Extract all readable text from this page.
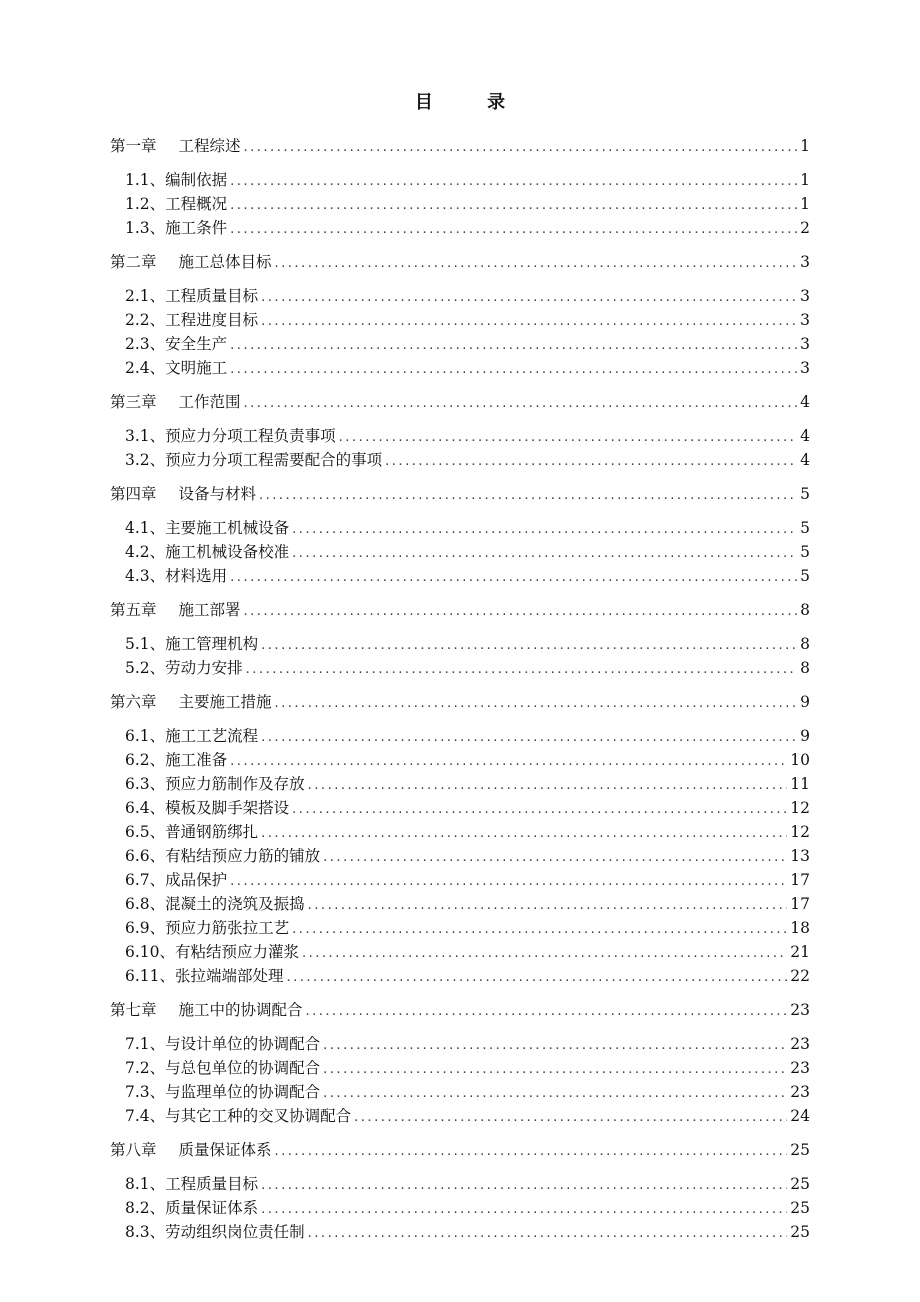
目 录
第一章 工程综述 .....	1
1.1、 编制依据 .....	1
1.2、 工程概况 .....	1
1.3、 施工条件 .....	2
第二章 施工总体目标 .....	3
2.1、 工程质量目标 .....	3
2.2、 工程进度目标 .....	3
2.3、 安全生产 .....	3
2.4、 文明施工 .....	3
第三章 工作范围 .....	4
3.1、 预应力分项工程负责事项 .....	4
3.2、 预应力分项工程需要配合的事项 .....	4
第四章 设备与材料 .....	5
4.1、 主要施工机械设备 .....	5
4.2、 施工机械设备校准 .....	5
4.3、 材料选用 .....	5
第五章 施工部署 .....	8
5.1、 施工管理机构 .....	8
5.2、 劳动力安排 .....	8
第六章 主要施工措施 .....	9
6.1、 施工工艺流程 .....	9
6.2、 施工准备 .....	10
6.3、 预应力筋制作及存放 .....	11
6.4、 模板及脚手架搭设 .....	12
6.5、 普通钢筋绑扎 .....	12
6.6、 有粘结预应力筋的铺放 .....	13
6.7、 成品保护 .....	17
6.8、 混凝土的浇筑及振捣 .....	17
6.9、 预应力筋张拉工艺 .....	18
6.10、 有粘结预应力灌浆 .....	21
6.11、 张拉端端部处理 .....	22
第七章 施工中的协调配合 .....	23
7.1、 与设计单位的协调配合 .....	23
7.2、 与总包单位的协调配合 .....	23
7.3、 与监理单位的协调配合 .....	23
7.4、 与其它工种的交叉协调配合 .....	24
第八章 质量保证体系 .....	25
8.1、 工程质量目标 .....	25
8.2、 质量保证体系 .....	25
8.3、 劳动组织岗位责任制 .....	25
